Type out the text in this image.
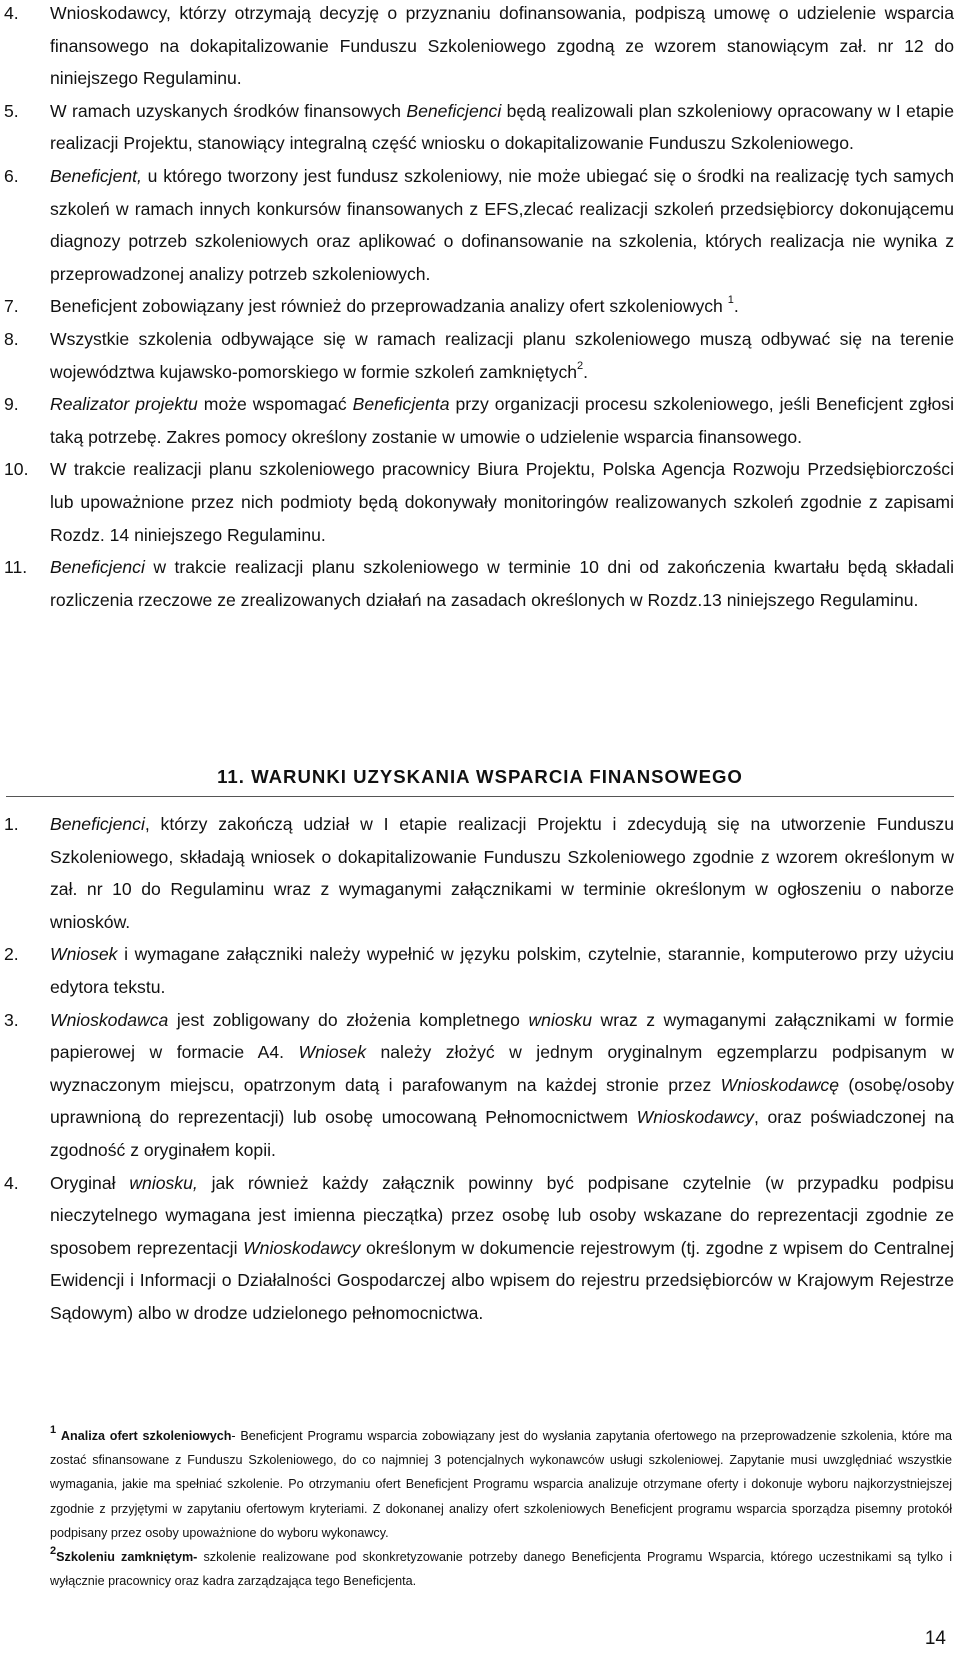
4. Wnioskodawcy, którzy otrzymają decyzję o przyznaniu dofinansowania, podpiszą umowę o udzielenie wsparcia finansowego na dokapitalizowanie Funduszu Szkoleniowego zgodną ze wzorem stanowiącym zał. nr 12 do niniejszego Regulaminu.
5. W ramach uzyskanych środków finansowych Beneficjenci będą realizowali plan szkoleniowy opracowany w I etapie realizacji Projektu, stanowiący integralną część wniosku o dokapitalizowanie Funduszu Szkoleniowego.
6. Beneficjent, u którego tworzony jest fundusz szkoleniowy, nie może ubiegać się o środki na realizację tych samych szkoleń w ramach innych konkursów finansowanych z EFS,zlecać realizacji szkoleń przedsiębiorcy dokonującemu diagnozy potrzeb szkoleniowych oraz aplikować o dofinansowanie na szkolenia, których realizacja nie wynika z przeprowadzonej analizy potrzeb szkoleniowych.
7. Beneficjent zobowiązany jest również do przeprowadzania analizy ofert szkoleniowych $^1$.
8. Wszystkie szkolenia odbywające się w ramach realizacji planu szkoleniowego muszą odbywać się na terenie województwa kujawsko-pomorskiego w formie szkoleń zamkniętych$^2$.
9. Realizator projektu może wspomagać Beneficjenta przy organizacji procesu szkoleniowego, jeśli Beneficjent zgłosi taką potrzebę. Zakres pomocy określony zostanie w umowie o udzielenie wsparcia finansowego.
10. W trakcie realizacji planu szkoleniowego pracownicy Biura Projektu, Polska Agencja Rozwoju Przedsiębiorczości lub upoważnione przez nich podmioty będą dokonywały monitoringów realizowanych szkoleń zgodnie z zapisami Rozdz. 14 niniejszego Regulaminu.
11. Beneficjenci w trakcie realizacji planu szkoleniowego w terminie 10 dni od zakończenia kwartału będą składali rozliczenia rzeczowe ze zrealizowanych działań na zasadach określonych w Rozdz.13 niniejszego Regulaminu.
11. WARUNKI UZYSKANIA WSPARCIA FINANSOWEGO
1. Beneficjenci, którzy zakończą udział w I etapie realizacji Projektu i zdecydują się na utworzenie Funduszu Szkoleniowego, składają wniosek o dokapitalizowanie Funduszu Szkoleniowego zgodnie z wzorem określonym w zał. nr 10 do Regulaminu wraz z wymaganymi załącznikami w terminie określonym w ogłoszeniu o naborze wniosków.
2. Wniosek i wymagane załączniki należy wypełnić w języku polskim, czytelnie, starannie, komputerowo przy użyciu edytora tekstu.
3. Wnioskodawca jest zobligowany do złożenia kompletnego wniosku wraz z wymaganymi załącznikami w formie papierowej w formacie A4. Wniosek należy złożyć w jednym oryginalnym egzemplarzu podpisanym w wyznaczonym miejscu, opatrzonym datą i parafowanym na każdej stronie przez Wnioskodawcę (osobę/osoby uprawnioną do reprezentacji) lub osobę umocowaną Pełnomocnictwem Wnioskodawcy, oraz poświadczonej na zgodność z oryginałem kopii.
4. Oryginał wniosku, jak również każdy załącznik powinny być podpisane czytelnie (w przypadku podpisu nieczytelnego wymagana jest imienna pieczątka) przez osobę lub osoby wskazane do reprezentacji zgodnie ze sposobem reprezentacji Wnioskodawcy określonym w dokumencie rejestrowym (tj. zgodne z wpisem do Centralnej Ewidencji i Informacji o Działalności Gospodarczej albo wpisem do rejestru przedsiębiorców w Krajowym Rejestrze Sądowym) albo w drodze udzielonego pełnomocnictwa.

$^1$ Analiza ofert szkoleniowych- Beneficjent Programu wsparcia zobowiązany jest do wysłania zapytania ofertowego na przeprowadzenie szkolenia, które ma zostać sfinansowane z Funduszu Szkoleniowego, do co najmniej 3 potencjalnych wykonawców usługi szkoleniowej. Zapytanie musi uwzględniać wszystkie wymagania, jakie ma spełniać szkolenie. Po otrzymaniu ofert Beneficjent Programu wsparcia analizuje otrzymane oferty i dokonuje wyboru najkorzystniejszej zgodnie z przyjętymi w zapytaniu ofertowym kryteriami. Z dokonanej analizy ofert szkoleniowych Beneficjent programu wsparcia sporządza pisemny protokół podpisany przez osoby upoważnione do wyboru wykonawcy.

$^2$Szkoleniu zamkniętym- szkolenie realizowane pod skonkretyzowanie potrzeby danego Beneficjenta Programu Wsparcia, którego uczestnikami są tylko i wyłącznie pracownicy oraz kadra zarządzająca tego Beneficjenta.

14
